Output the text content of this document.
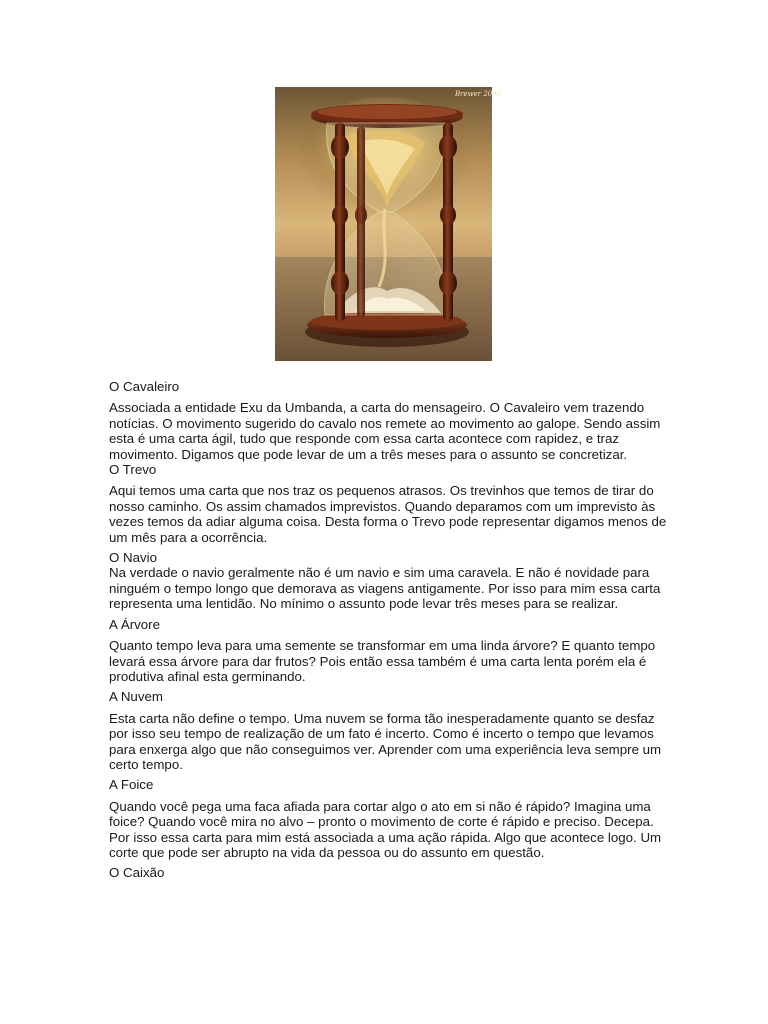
Brewer 2003

O Cavaleiro

Associada a entidade Exu da Umbanda, a carta do mensageiro. O Cavaleiro vem trazendo notícias. O movimento sugerido do cavalo nos remete ao movimento ao galope. Sendo assim esta é uma carta ágil, tudo que responde com essa carta acontece com rapidez, e traz movimento. Digamos que pode levar de um a três meses para o assunto se concretizar.

O Trevo

Aqui temos uma carta que nos traz os pequenos atrasos. Os trevinhos que temos de tirar do nosso caminho. Os assim chamados imprevistos. Quando deparamos com um imprevisto às vezes temos da adiar alguma coisa. Desta forma o Trevo pode representar digamos menos de um mês para a ocorrência.

O Navio

Na verdade o navio geralmente não é um navio e sim uma caravela. E não é novidade para ninguém o tempo longo que demorava as viagens antigamente. Por isso para mim essa carta representa uma lentidão. No mínimo o assunto pode levar três meses para se realizar.

A Árvore

Quanto tempo leva para uma semente se transformar em uma linda árvore? E quanto tempo levará essa árvore para dar frutos? Pois então essa também é uma carta lenta porém ela é produtiva afinal esta germinando.

A Nuvem

Esta carta não define o tempo. Uma nuvem se forma tão inesperadamente quanto se desfaz por isso seu tempo de realização de um fato é incerto. Como é incerto o tempo que levamos para enxerga algo que não conseguimos ver. Aprender com uma experiência leva sempre um certo tempo.

A Foice

Quando você pega uma faca afiada para cortar algo o ato em si não é rápido? Imagina uma foice? Quando você mira no alvo – pronto o movimento de corte é rápido e preciso. Decepa. Por isso essa carta para mim está associada a uma ação rápida. Algo que acontece logo. Um corte que pode ser abrupto na vida da pessoa ou do assunto em questão.

O Caixão
